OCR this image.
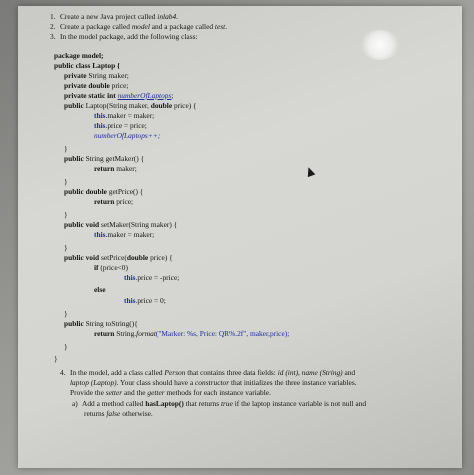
1. Create a new Java project called inlab4.
2. Create a package called model and a package called test.
3. In the model package, add the following class:
package model;
public class Laptop {
private String maker;
private double price;
private static int numberOfLaptops;
public Laptop(String maker, double price) {
this.maker = maker;
this.price = price;
numberOfLaptops++;
}
public String getMaker() {
return maker;
}
public double getPrice() {
return price;
}
public void setMaker(String maker) {
this.maker = maker;
}
public void setPrice(double price) {
if (price<0)
this.price = -price;
else
this.price = 0;
}
public String toString(){
return String.format("Marker: %s, Price: QR%.2f", maker,price);
}
}
4. In the model, add a class called Person that contains three data fields: id (int), name (String) and
laptop (Laptop). Your class should have a constructor that initializes the three instance variables.
Provide the setter and the getter methods for each instance variable.
a) Add a method called hasLaptop() that returns true if the laptop instance variable is not null and
returns false otherwise.
